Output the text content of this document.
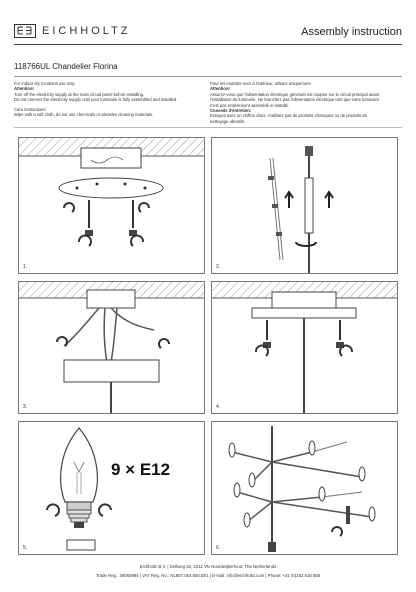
EICHHOLTZ	Assembly instruction
118766UL Chandelier Florina
For indoor dry locations use only.
Attention!
Turn off the electricity supply at the main circuit panel before installing.
Do not connect the electricity supply until your luminaire is fully assembled and installed.
Care instructions:
Wipe with a soft cloth, do not use chemicals or abrasive cleaning materials.
Pour les endroits secs à l'intérieur, utilisez uniquement
Attention!
Assurez-vous que l'alimentation électrique générale est coupée sur le circuit principal avant
l'installation du luminaire. Ne branchez pas l'alimentation électrique tant que votre luminaire
n'est pas entièrement assemblé et installé.
Conseils d'entretien:
Essuyez avec un chiffon doux, n'utilisez pas de produits chimiques ou de produits de
nettoyage abrasifs.
1.	2.
3.	4.
9 × E12
5.	6.
Eichholtz B.V. | Delfweg 52, 2211 VN Noordwijkerhout, The Netherlands
Trade Reg.: 28060994 | VAT Reg. No.: NL807.053.600.B01 | E-mail: info@eichholtz.com | Phone: +31 (0)252 515 850
